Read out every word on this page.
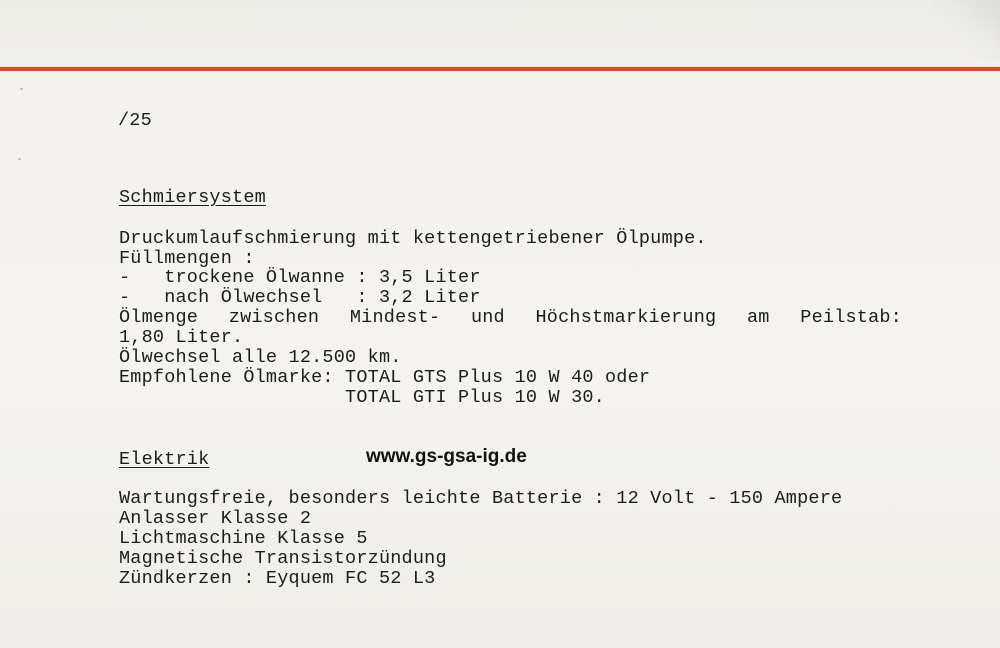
/25
Schmiersystem
Druckumlaufschmierung mit kettengetriebener Ölpumpe.
Füllmengen :
-   trockene Ölwanne : 3,5 Liter
-   nach Ölwechsel   : 3,2 Liter
Ölmenge zwischen Mindest- und Höchstmarkierung am Peilstab:
1,80 Liter.
Ölwechsel alle 12.500 km.
Empfohlene Ölmarke: TOTAL GTS Plus 10 W 40 oder
TOTAL GTI Plus 10 W 30.
Elektrik	www.gs-gsa-ig.de
Wartungsfreie, besonders leichte Batterie : 12 Volt - 150 Ampere
Anlasser Klasse 2
Lichtmaschine Klasse 5
Magnetische Transistorzündung
Zündkerzen : Eyquem FC 52 L3
